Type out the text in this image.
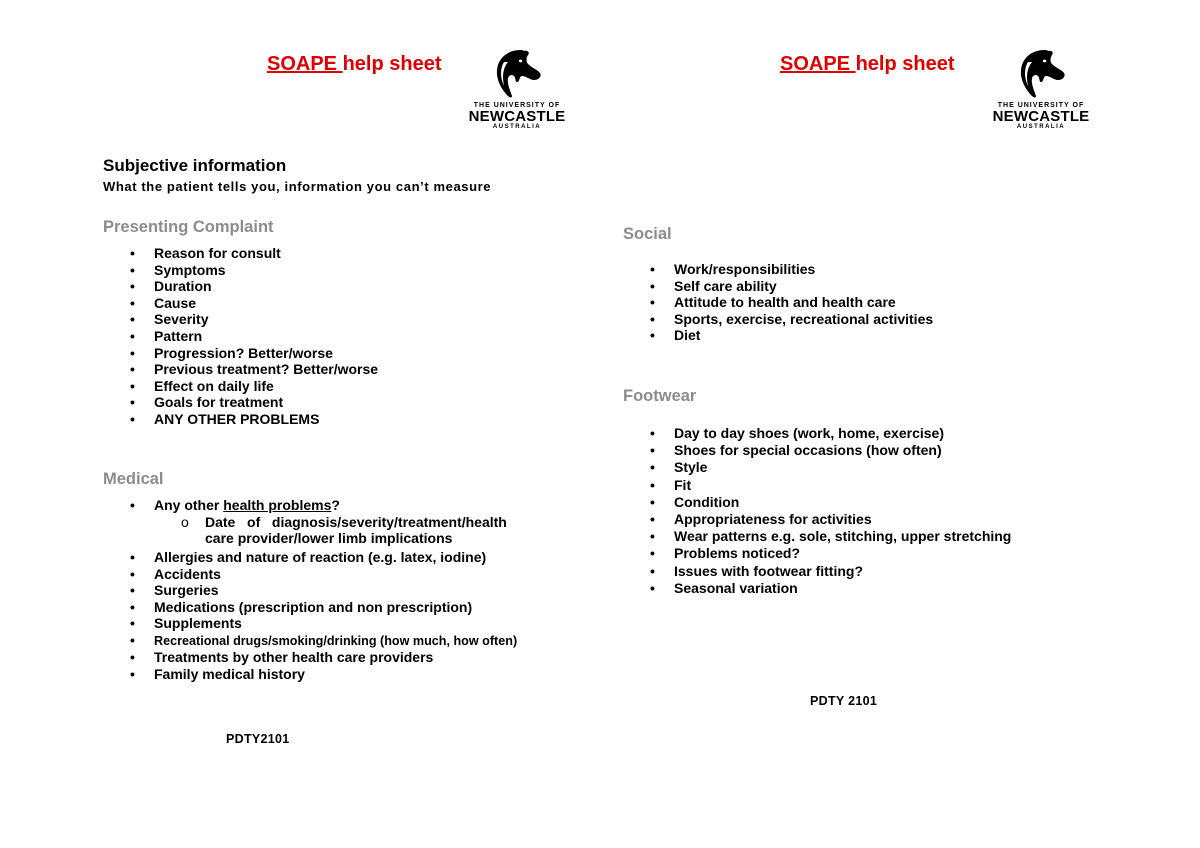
SOAPE help sheet
THE UNIVERSITY OF
NEWCASTLE
AUSTRALIA
Subjective information
What the patient tells you, information you can’t measure
Presenting Complaint
• Reason for consult
• Symptoms
• Duration
• Cause
• Severity
• Pattern
• Progression? Better/worse
• Previous treatment? Better/worse
• Effect on daily life
• Goals for treatment
• ANY OTHER PROBLEMS
Medical
• Any other health problems?
o Date   of   diagnosis/severity/treatment/health
care provider/lower limb implications
• Allergies and nature of reaction (e.g. latex, iodine)
• Accidents
• Surgeries
• Medications (prescription and non prescription)
• Supplements
• Recreational drugs/smoking/drinking (how much, how often)
• Treatments by other health care providers
• Family medical history
PDTY2101
SOAPE help sheet
THE UNIVERSITY OF
NEWCASTLE
AUSTRALIA
Social
• Work/responsibilities
• Self care ability
• Attitude to health and health care
• Sports, exercise, recreational activities
• Diet
Footwear
• Day to day shoes (work, home, exercise)
• Shoes for special occasions (how often)
• Style
• Fit
• Condition
• Appropriateness for activities
• Wear patterns e.g. sole, stitching, upper stretching
• Problems noticed?
• Issues with footwear fitting?
• Seasonal variation
PDTY 2101
